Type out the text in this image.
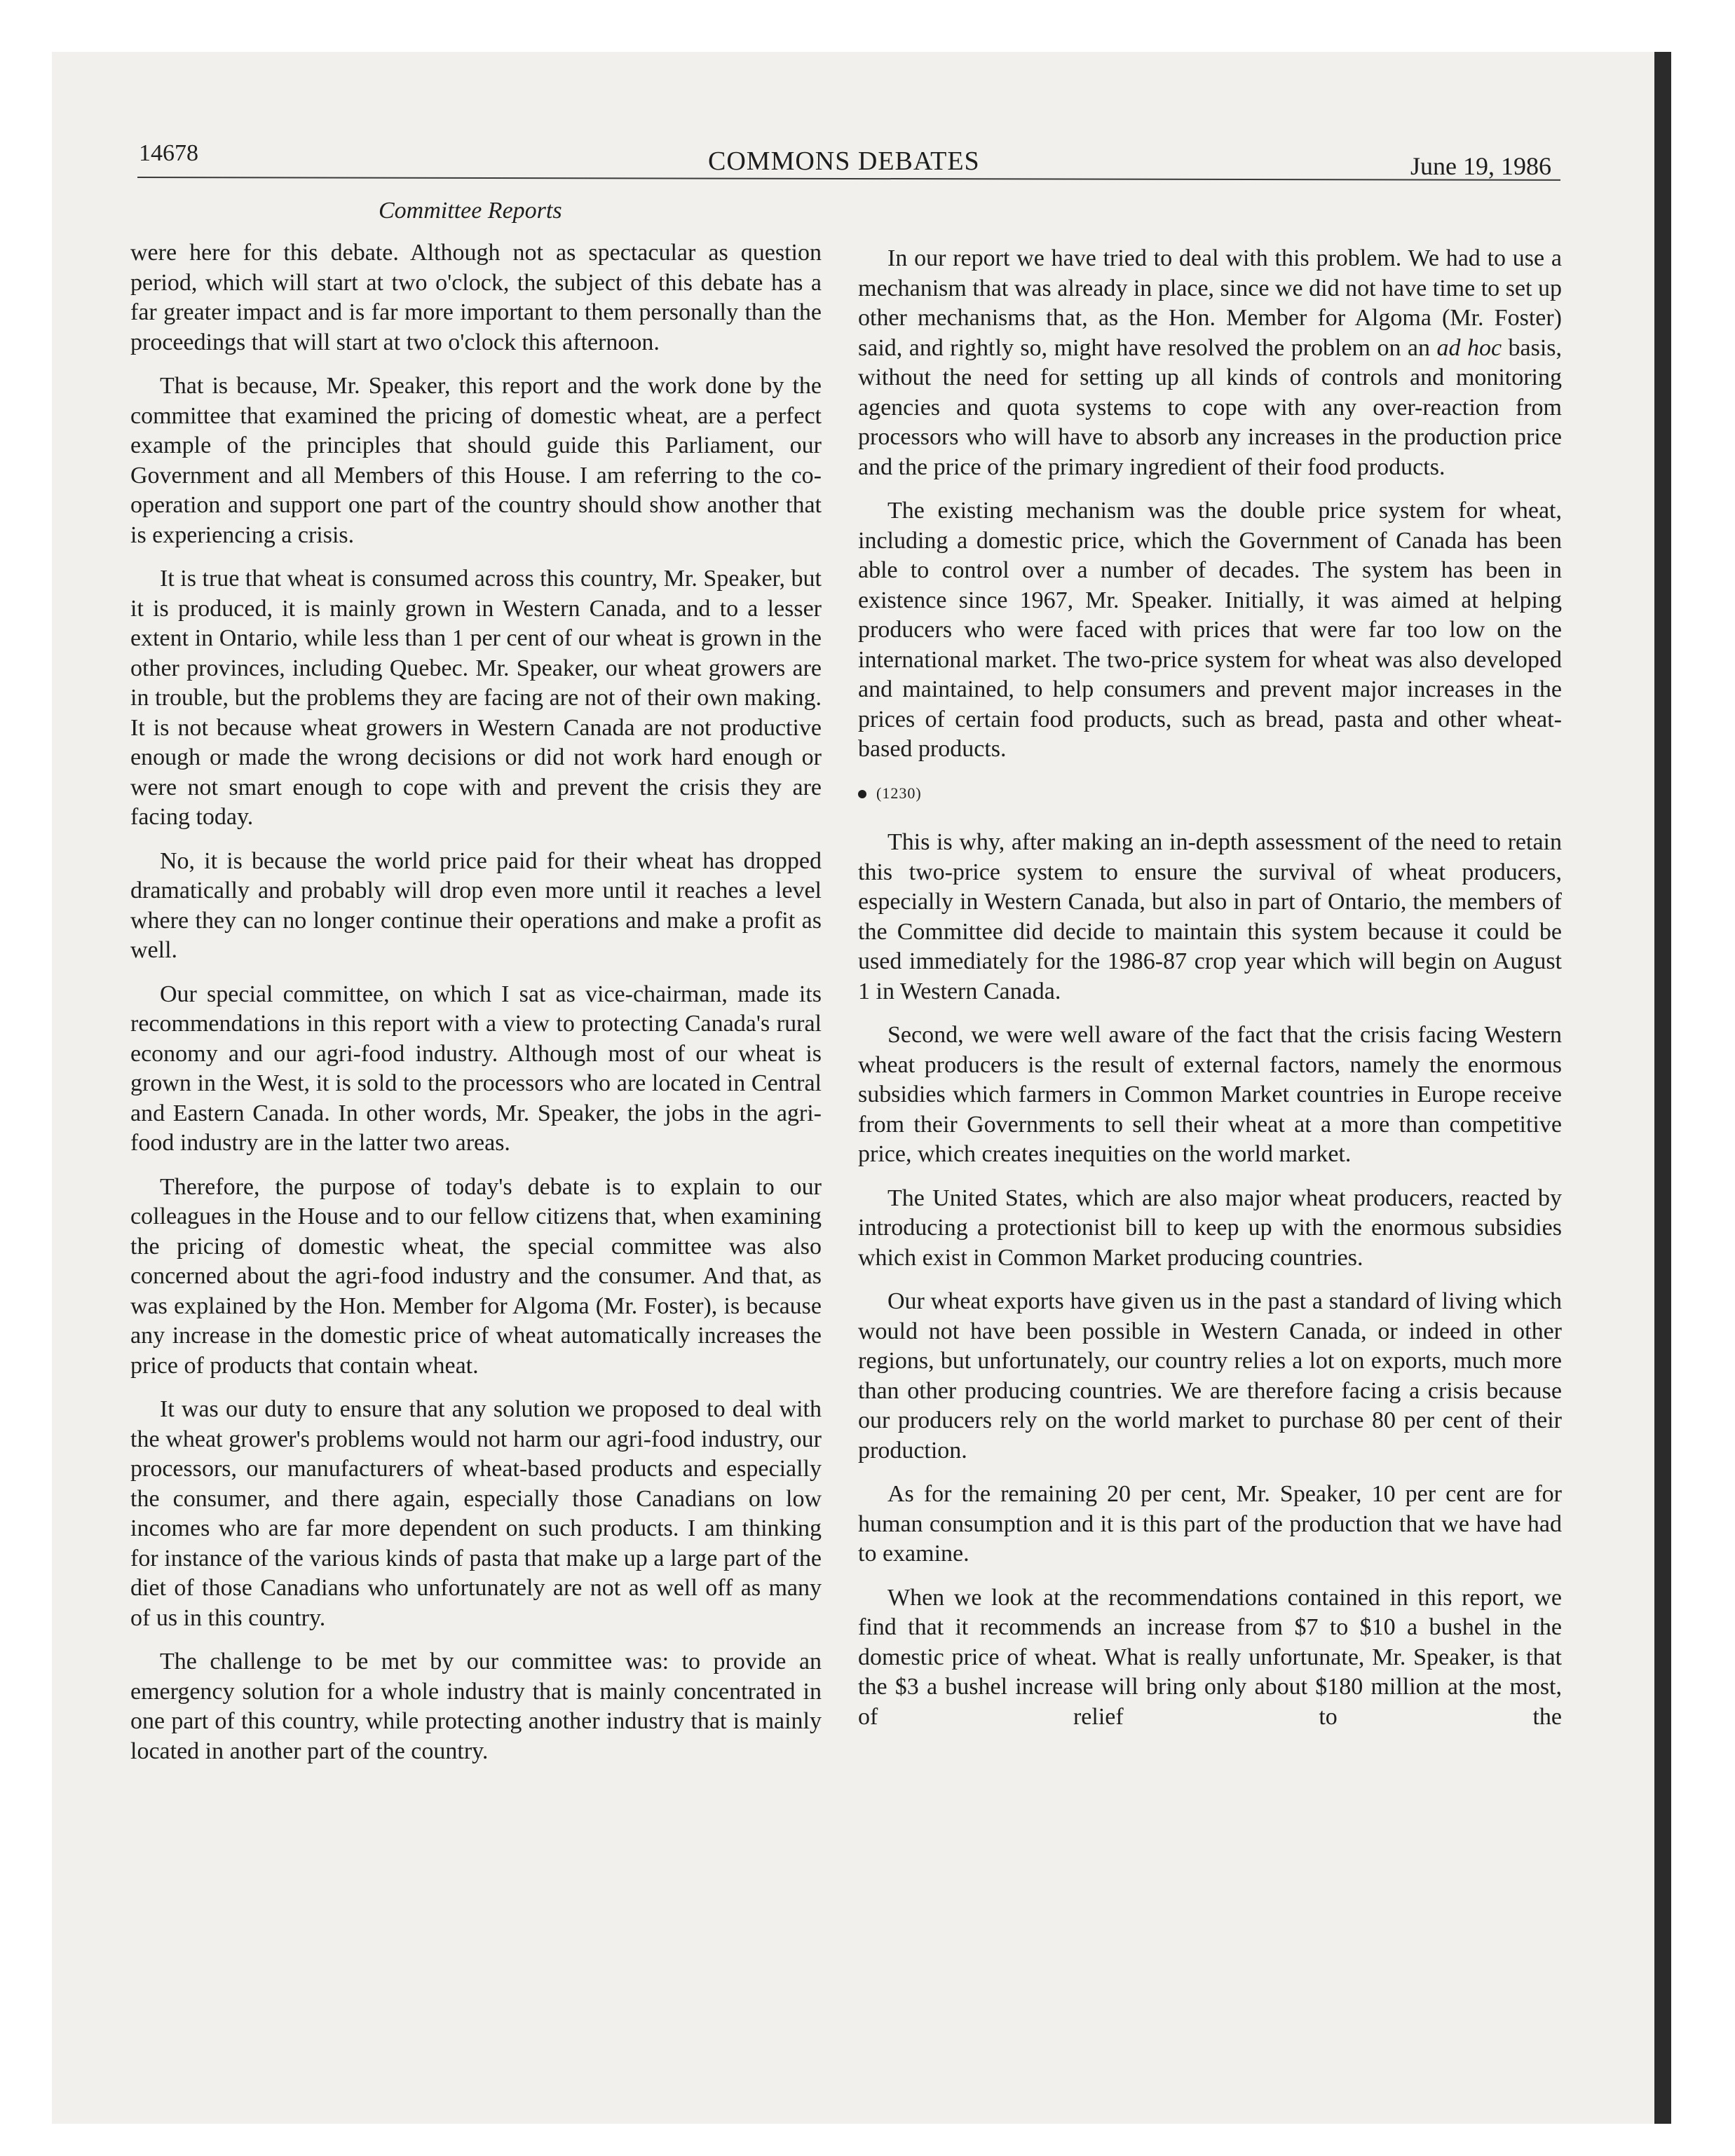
14678	COMMONS DEBATES	June 19, 1986
Committee Reports

were here for this debate. Although not as spectacular as question period, which will start at two o'clock, the subject of this debate has a far greater impact and is far more important to them personally than the proceedings that will start at two o'clock this afternoon.

That is because, Mr. Speaker, this report and the work done by the committee that examined the pricing of domestic wheat, are a perfect example of the principles that should guide this Parliament, our Government and all Members of this House. I am referring to the co-operation and support one part of the country should show another that is experiencing a crisis.

It is true that wheat is consumed across this country, Mr. Speaker, but it is produced, it is mainly grown in Western Canada, and to a lesser extent in Ontario, while less than 1 per cent of our wheat is grown in the other provinces, including Quebec. Mr. Speaker, our wheat growers are in trouble, but the problems they are facing are not of their own making. It is not because wheat growers in Western Canada are not productive enough or made the wrong decisions or did not work hard enough or were not smart enough to cope with and prevent the crisis they are facing today.

No, it is because the world price paid for their wheat has dropped dramatically and probably will drop even more until it reaches a level where they can no longer continue their operations and make a profit as well.

Our special committee, on which I sat as vice-chairman, made its recommendations in this report with a view to protecting Canada's rural economy and our agri-food industry. Although most of our wheat is grown in the West, it is sold to the processors who are located in Central and Eastern Canada. In other words, Mr. Speaker, the jobs in the agri-food industry are in the latter two areas.

Therefore, the purpose of today's debate is to explain to our colleagues in the House and to our fellow citizens that, when examining the pricing of domestic wheat, the special committee was also concerned about the agri-food industry and the consumer. And that, as was explained by the Hon. Member for Algoma (Mr. Foster), is because any increase in the domestic price of wheat automatically increases the price of products that contain wheat.

It was our duty to ensure that any solution we proposed to deal with the wheat grower's problems would not harm our agri-food industry, our processors, our manufacturers of wheat-based products and especially the consumer, and there again, especially those Canadians on low incomes who are far more dependent on such products. I am thinking for instance of the various kinds of pasta that make up a large part of the diet of those Canadians who unfortunately are not as well off as many of us in this country.

The challenge to be met by our committee was: to provide an emergency solution for a whole industry that is mainly concentrated in one part of this country, while protecting another industry that is mainly located in another part of the country.

In our report we have tried to deal with this problem. We had to use a mechanism that was already in place, since we did not have time to set up other mechanisms that, as the Hon. Member for Algoma (Mr. Foster) said, and rightly so, might have resolved the problem on an ad hoc basis, without the need for setting up all kinds of controls and monitoring agencies and quota systems to cope with any over-reaction from processors who will have to absorb any increases in the production price and the price of the primary ingredient of their food products.

The existing mechanism was the double price system for wheat, including a domestic price, which the Government of Canada has been able to control over a number of decades. The system has been in existence since 1967, Mr. Speaker. Initially, it was aimed at helping producers who were faced with prices that were far too low on the international market. The two-price system for wheat was also developed and maintained, to help consumers and prevent major increases in the prices of certain food products, such as bread, pasta and other wheat-based products.

(1230)

This is why, after making an in-depth assessment of the need to retain this two-price system to ensure the survival of wheat producers, especially in Western Canada, but also in part of Ontario, the members of the Committee did decide to maintain this system because it could be used immediately for the 1986-87 crop year which will begin on August 1 in Western Canada.

Second, we were well aware of the fact that the crisis facing Western wheat producers is the result of external factors, namely the enormous subsidies which farmers in Common Market countries in Europe receive from their Governments to sell their wheat at a more than competitive price, which creates inequities on the world market.

The United States, which are also major wheat producers, reacted by introducing a protectionist bill to keep up with the enormous subsidies which exist in Common Market producing countries.

Our wheat exports have given us in the past a standard of living which would not have been possible in Western Canada, or indeed in other regions, but unfortunately, our country relies a lot on exports, much more than other producing countries. We are therefore facing a crisis because our producers rely on the world market to purchase 80 per cent of their production.

As for the remaining 20 per cent, Mr. Speaker, 10 per cent are for human consumption and it is this part of the production that we have had to examine.

When we look at the recommendations contained in this report, we find that it recommends an increase from $7 to $10 a bushel in the domestic price of wheat. What is really unfortunate, Mr. Speaker, is that the $3 a bushel increase will bring only about $180 million at the most, of relief to the
